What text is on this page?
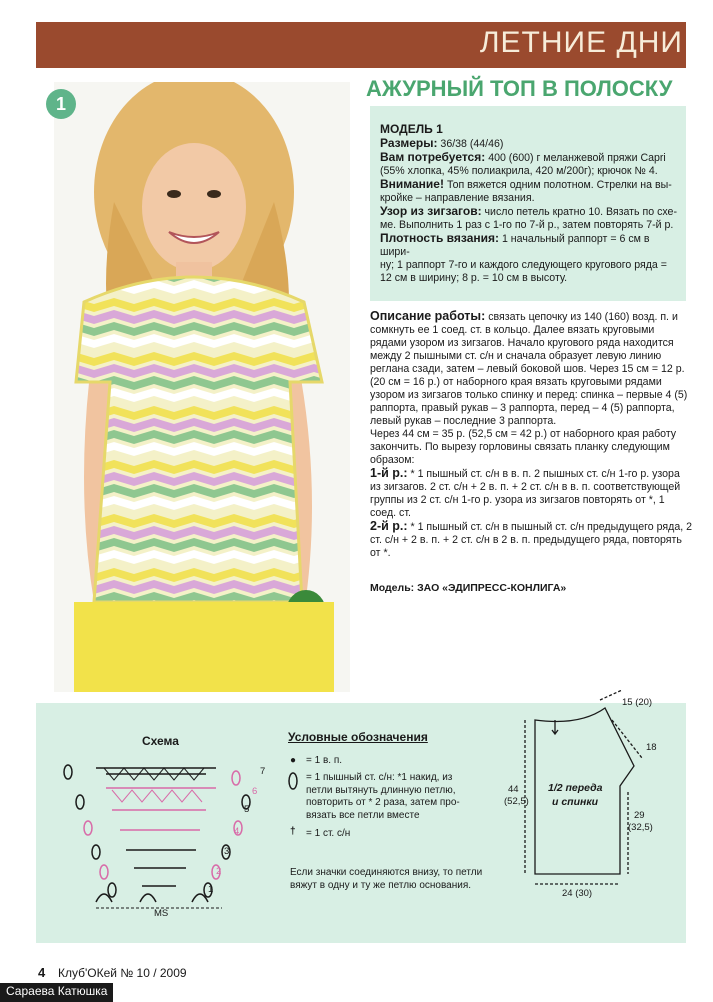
ЛЕТНИЕ ДНИ
1
АЖУРНЫЙ ТОП В ПОЛОСКУ
МОДЕЛЬ 1
Размеры: 36/38 (44/46)
Вам потребуется: 400 (600) г меланжевой пряжи Capri
(55% хлопка, 45% полиакрила, 420 м/200г); крючок № 4.
Внимание! Топ вяжется одним полотном. Стрелки на вы-
кройке – направление вязания.
Узор из зигзагов: число петель кратно 10. Вязать по схе-
ме. Выполнить 1 раз с 1-го по 7-й р., затем повторять 7-й р.
Плотность вязания: 1 начальный раппорт = 6 см в шири-
ну; 1 раппорт 7-го и каждого следующего кругового ряда =
12 см в ширину; 8 р. = 10 см в высоту.
Описание работы: связать цепочку из 140 (160) возд. п. и сомкнуть ее 1 соед. ст. в кольцо. Далее вязать круговыми рядами узором из зигзагов. Начало кругового ряда находится между 2 пышными ст. с/н и сначала образует левую линию реглана сзади, затем – левый боковой шов. Через 15 см = 12 р. (20 см = 16 р.) от наборного края вязать круговыми рядами узором из зигзагов только спинку и перед: спинка – первые 4 (5) раппорта, правый рукав – 3 раппорта, перед – 4 (5) раппорта, левый рукав – последние 3 раппорта.
Через 44 см = 35 р. (52,5 см = 42 р.) от наборного края работу закончить. По вырезу горловины связать планку следующим образом:
1-й р.: * 1 пышный ст. с/н в в. п. 2 пышных ст. с/н 1-го р. узора из зигзагов. 2 ст. с/н + 2 в. п. + 2 ст. с/н в в. п. соответствующей группы из 2 ст. с/н 1-го р. узора из зигзагов повторять от *, 1 соед. ст.
2-й р.: * 1 пышный ст. с/н в пышный ст. с/н предыдущего ряда, 2 ст. с/н + 2 в. п. + 2 ст. с/н в 2 в. п. предыдущего ряда, повторять от *.
Модель: ЗАО «ЭДИПРЕСС-КОНЛИГА»
Схема
7
6
5
4
3
2
1
MS
Условные обозначения
● = 1 в. п.
= 1 пышный ст. с/н: *1 накид, из
петли вытянуть длинную петлю,
повторить от * 2 раза, затем про-
вязать все петли вместе
† = 1 ст. с/н
Если значки соединяются внизу, то петли
вяжут в одну и ту же петлю основания.
15 (20)
18
44
(52,5)
1/2 переда
и спинки
29
(32,5)
24 (30)
4 Клуб'ОКей № 10 / 2009
Сараева Катюшка
